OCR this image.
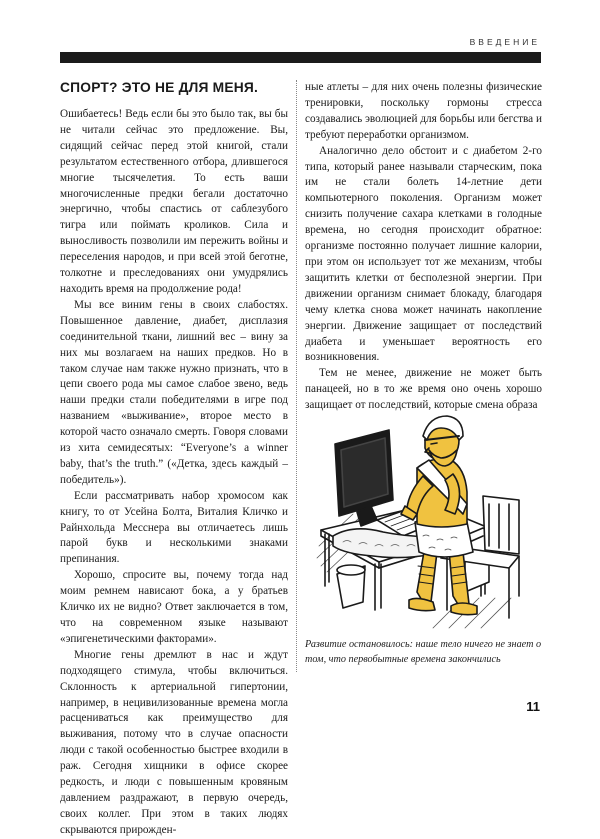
ВВЕДЕНИЕ
СПОРТ? ЭТО НЕ ДЛЯ МЕНЯ.

Ошибаетесь! Ведь если бы это было так, вы бы не читали сейчас это предложение. Вы, сидящий сейчас перед этой книгой, стали результатом естественного отбора, длившегося многие тысячелетия. То есть ваши многочисленные предки бегали достаточно энергично, чтобы спастись от саблезубого тигра или поймать кроликов. Сила и выносливость позволили им пережить войны и переселения народов, и при всей этой беготне, толкотне и преследованиях они умудрялись находить время на продолжение рода!

Мы все виним гены в своих слабостях. Повышенное давление, диабет, дисплазия соединительной ткани, лишний вес – вину за них мы возлагаем на наших предков. Но в таком случае нам также нужно признать, что в цепи своего рода мы самое слабое звено, ведь наши предки стали победителями в игре под названием «выживание», второе место в которой часто означало смерть. Говоря словами из хита семидесятых: “Everyone’s a winner baby, that’s the truth.” («Детка, здесь каждый – победитель»).

Если рассматривать набор хромосом как книгу, то от Усейна Болта, Виталия Кличко и Райнхольда Месснера вы отличаетесь лишь парой букв и несколькими знаками препинания.

Хорошо, спросите вы, почему тогда над моим ремнем нависают бока, а у братьев Кличко их не видно? Ответ заключается в том, что на современном языке называют «эпигенетическими факторами».

Многие гены дремлют в нас и ждут подходящего стимула, чтобы включиться. Склонность к артериальной гипертонии, например, в нецивилизованные времена могла расцениваться как преимущество для выживания, потому что в случае опасности люди с такой особенностью быстрее входили в раж. Сегодня хищники в офисе скорее редкость, и люди с повышенным кровяным давлением раздражают, в первую очередь, своих коллег. При этом в таких людях скрываются прирожден-

ные атлеты – для них очень полезны физические тренировки, поскольку гормоны стресса создавались эволюцией для борьбы или бегства и требуют переработки организмом.

Аналогично дело обстоит и с диабетом 2-го типа, который ранее называли старческим, пока им не стали болеть 14-летние дети компьютерного поколения. Организм может снизить получение сахара клетками в голодные времена, но сегодня происходит обратное: организме постоянно получает лишние калории, при этом он использует тот же механизм, чтобы защитить клетки от бесполезной энергии. При движении организм снимает блокаду, благодаря чему клетка снова может начинать накопление энергии. Движение защищает от последствий диабета и уменьшает вероятность его возникновения.

Тем не менее, движение не может быть панацеей, но в то же время оно очень хорошо защищает от последствий, которые смена образа

Развитие остановилось: наше тело ничего не знает о том, что первобытные времена закончились

11
